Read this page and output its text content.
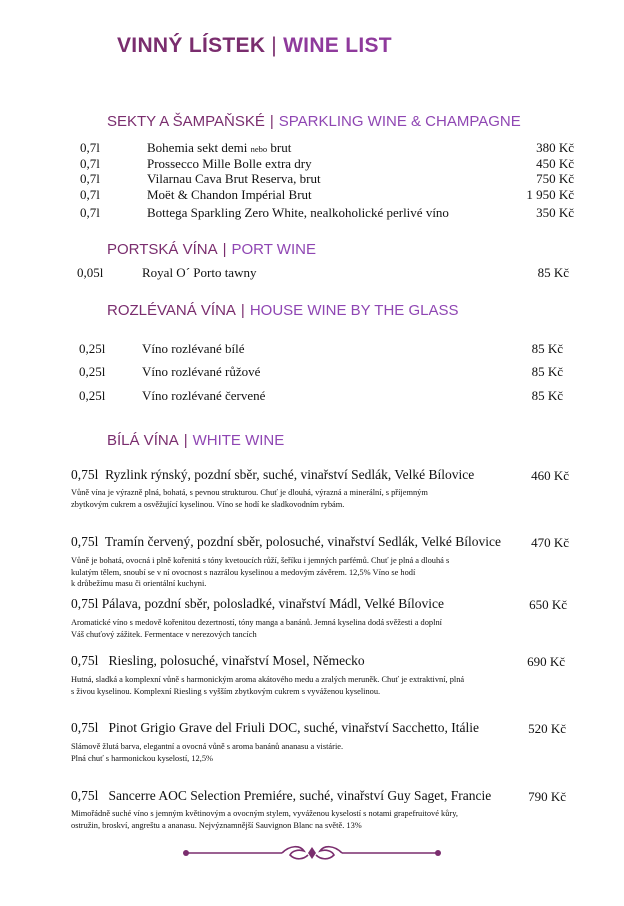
VINNÝ LÍSTEK | WINE LIST
SEKTY A ŠAMPAŇSKÉ | SPARKLING WINE & CHAMPAGNE
0,7l	Bohemia sekt demi nebo brut	380 Kč
0,7l	Prossecco Mille Bolle extra dry	450 Kč
0,7l	Vilarnau Cava Brut Reserva, brut	750 Kč
0,7l	Moët & Chandon Impérial Brut	1 950 Kč
0,7l	Bottega Sparkling Zero White, nealkoholické perlivé víno	350 Kč
PORTSKÁ VÍNA | PORT WINE
0,05l	Royal O´ Porto tawny	85 Kč
ROZLÉVANÁ VÍNA | HOUSE WINE BY THE GLASS
0,25l	Víno rozlévané bílé	85 Kč
0,25l	Víno rozlévané růžové	85 Kč
0,25l	Víno rozlévané červené	85 Kč
BÍLÁ VÍNA | WHITE WINE
0,75l Ryzlink rýnský, pozdní sběr, suché, vinařství Sedlák, Velké Bílovice	460 Kč
Vůně vína je výrazně plná, bohatá, s pevnou strukturou. Chuť je dlouhá, výrazná a minerální, s příjemným
zbytkovým cukrem a osvěžující kyselinou. Víno se hodí ke sladkovodním rybám.
0,75l Tramín červený, pozdní sběr, polosuché, vinařství Sedlák, Velké Bílovice 470 Kč
Vůně je bohatá, ovocná i plně kořenitá s tóny kvetoucích růží, šeříku i jemných parfémů. Chuť je plná a dlouhá s
kulatým tělem, snoubí se v ní ovocnost s nazrálou kyselinou a medovým závěrem. 12,5% Víno se hodí
k drůbežímu masu či orientální kuchyni.
0,75l Pálava, pozdní sběr, polosladké, vinařství Mádl, Velké Bílovice	650 Kč
Aromatické víno s medově kořenitou dezertností, tóny manga a banánů. Jemná kyselina dodá svěžesti a doplní
Váš chuťový zážitek. Fermentace v nerezových tancích
0,75l Riesling, polosuché, vinařství Mosel, Německo	690 Kč
Hutná, sladká a komplexní vůně s harmonickým aroma akátového medu a zralých meruněk. Chuť je extraktivní, plná
s živou kyselinou. Komplexní Riesling s vyšším zbytkovým cukrem s vyváženou kyselinou.
0,75l Pinot Grigio Grave del Friuli DOC, suché, vinařství Sacchetto, Itálie	520 Kč
Slámově žlutá barva, elegantní a ovocná vůně s aroma banánů ananasu a vistárie.
Plná chuť s harmonickou kyselostí, 12,5%
0,75l Sancerre AOC Selection Premiére, suché, vinařství Guy Saget, Francie	790 Kč
Mimořádně suché víno s jemným květinovým a ovocným stylem, vyváženou kyselostí s notami grapefruitové kůry,
ostružin, broskví, angreštu a ananasu. Nejvýznamnější Sauvignon Blanc na světě. 13%
